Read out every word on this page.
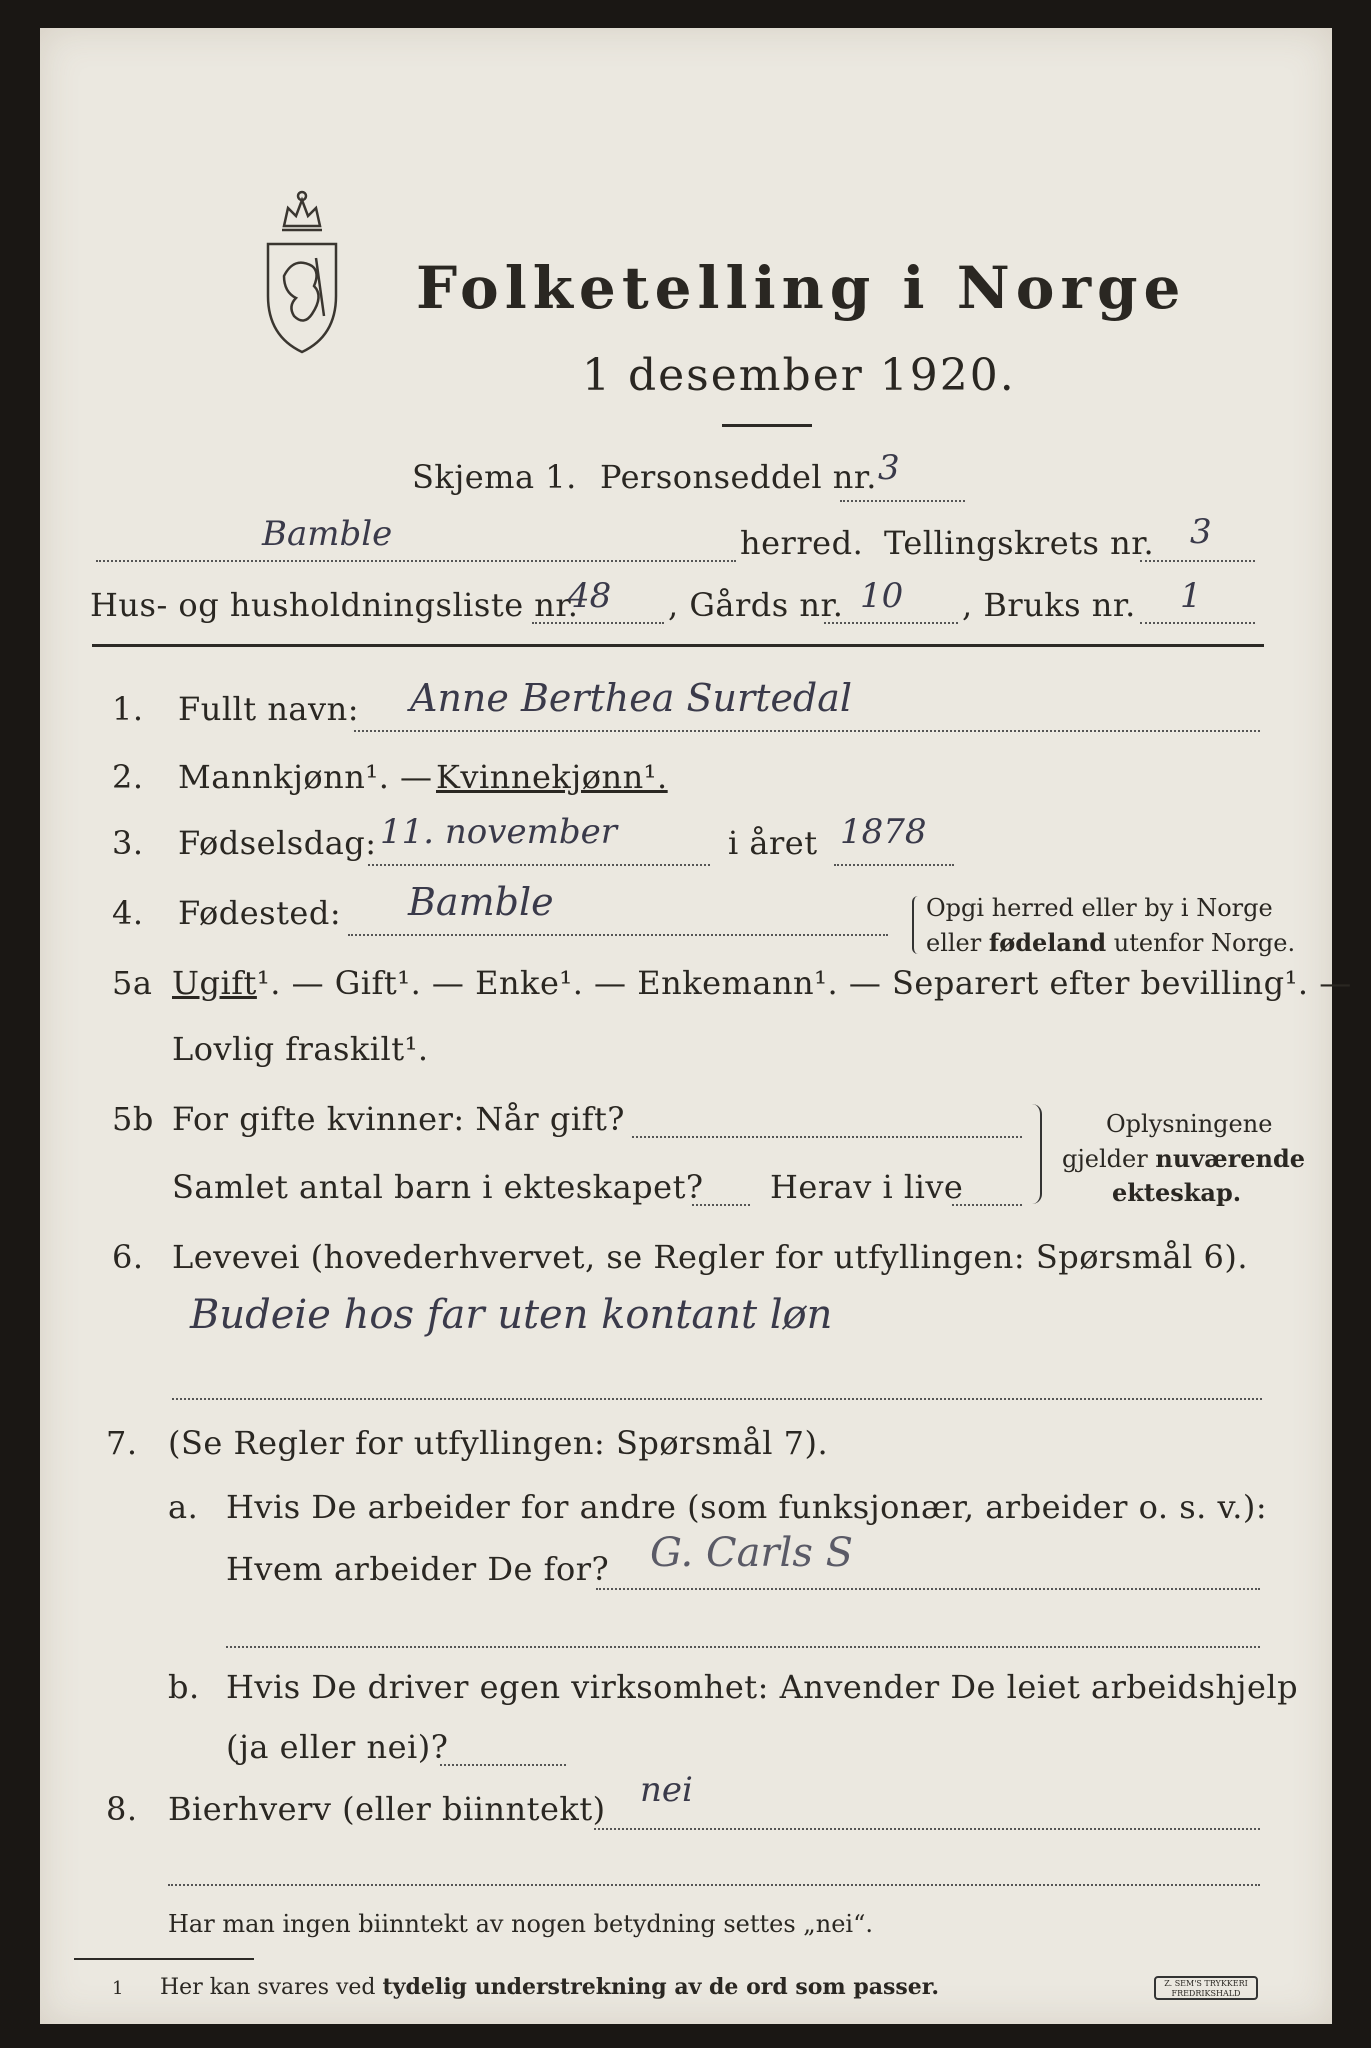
Folketelling i Norge
1 desember 1920.
Skjema 1. Personseddel nr. 3
Bamble	herred. Tellingskrets nr. 3
Hus- og husholdningsliste nr.
48 , Gårds nr. 10 , Bruks nr. 1
1. Fullt navn: Anne Berthea Surtedal
2. Mannkjønn¹. — Kvinnekjønn¹.
3. Fødselsdag: 11. november	i året 1878
4. Fødested: Bamble	Opgi herred eller by i Norge
eller fødeland utenfor Norge.
5a Ugift¹. — Gift¹. — Enke¹. — Enkemann¹. — Separert efter bevilling¹. —
Lovlig fraskilt¹.
5b For gifte kvinner: Når gift?
Samlet antal barn i ekteskapet? Herav i live
Oplysningene
gjelder nuværende
ekteskap.
6. Levevei (hovederhvervet, se Regler for utfyllingen: Spørsmål 6).
Budeie hos far uten kontant løn
7. (Se Regler for utfyllingen: Spørsmål 7).
a. Hvis De arbeider for andre (som funksjonær, arbeider o. s. v.):
Hvem arbeider De for? G. Carls S
b. Hvis De driver egen virksomhet: Anvender De leiet arbeidshjelp
(ja eller nei)?
8. Bierhverv (eller biinntekt) nei
Har man ingen biinntekt av nogen betydning settes „nei“.
1 Her kan svares ved tydelig understrekning av de ord som passer.	Z. SEM'S TRYKKERI FREDRIKSHALD
